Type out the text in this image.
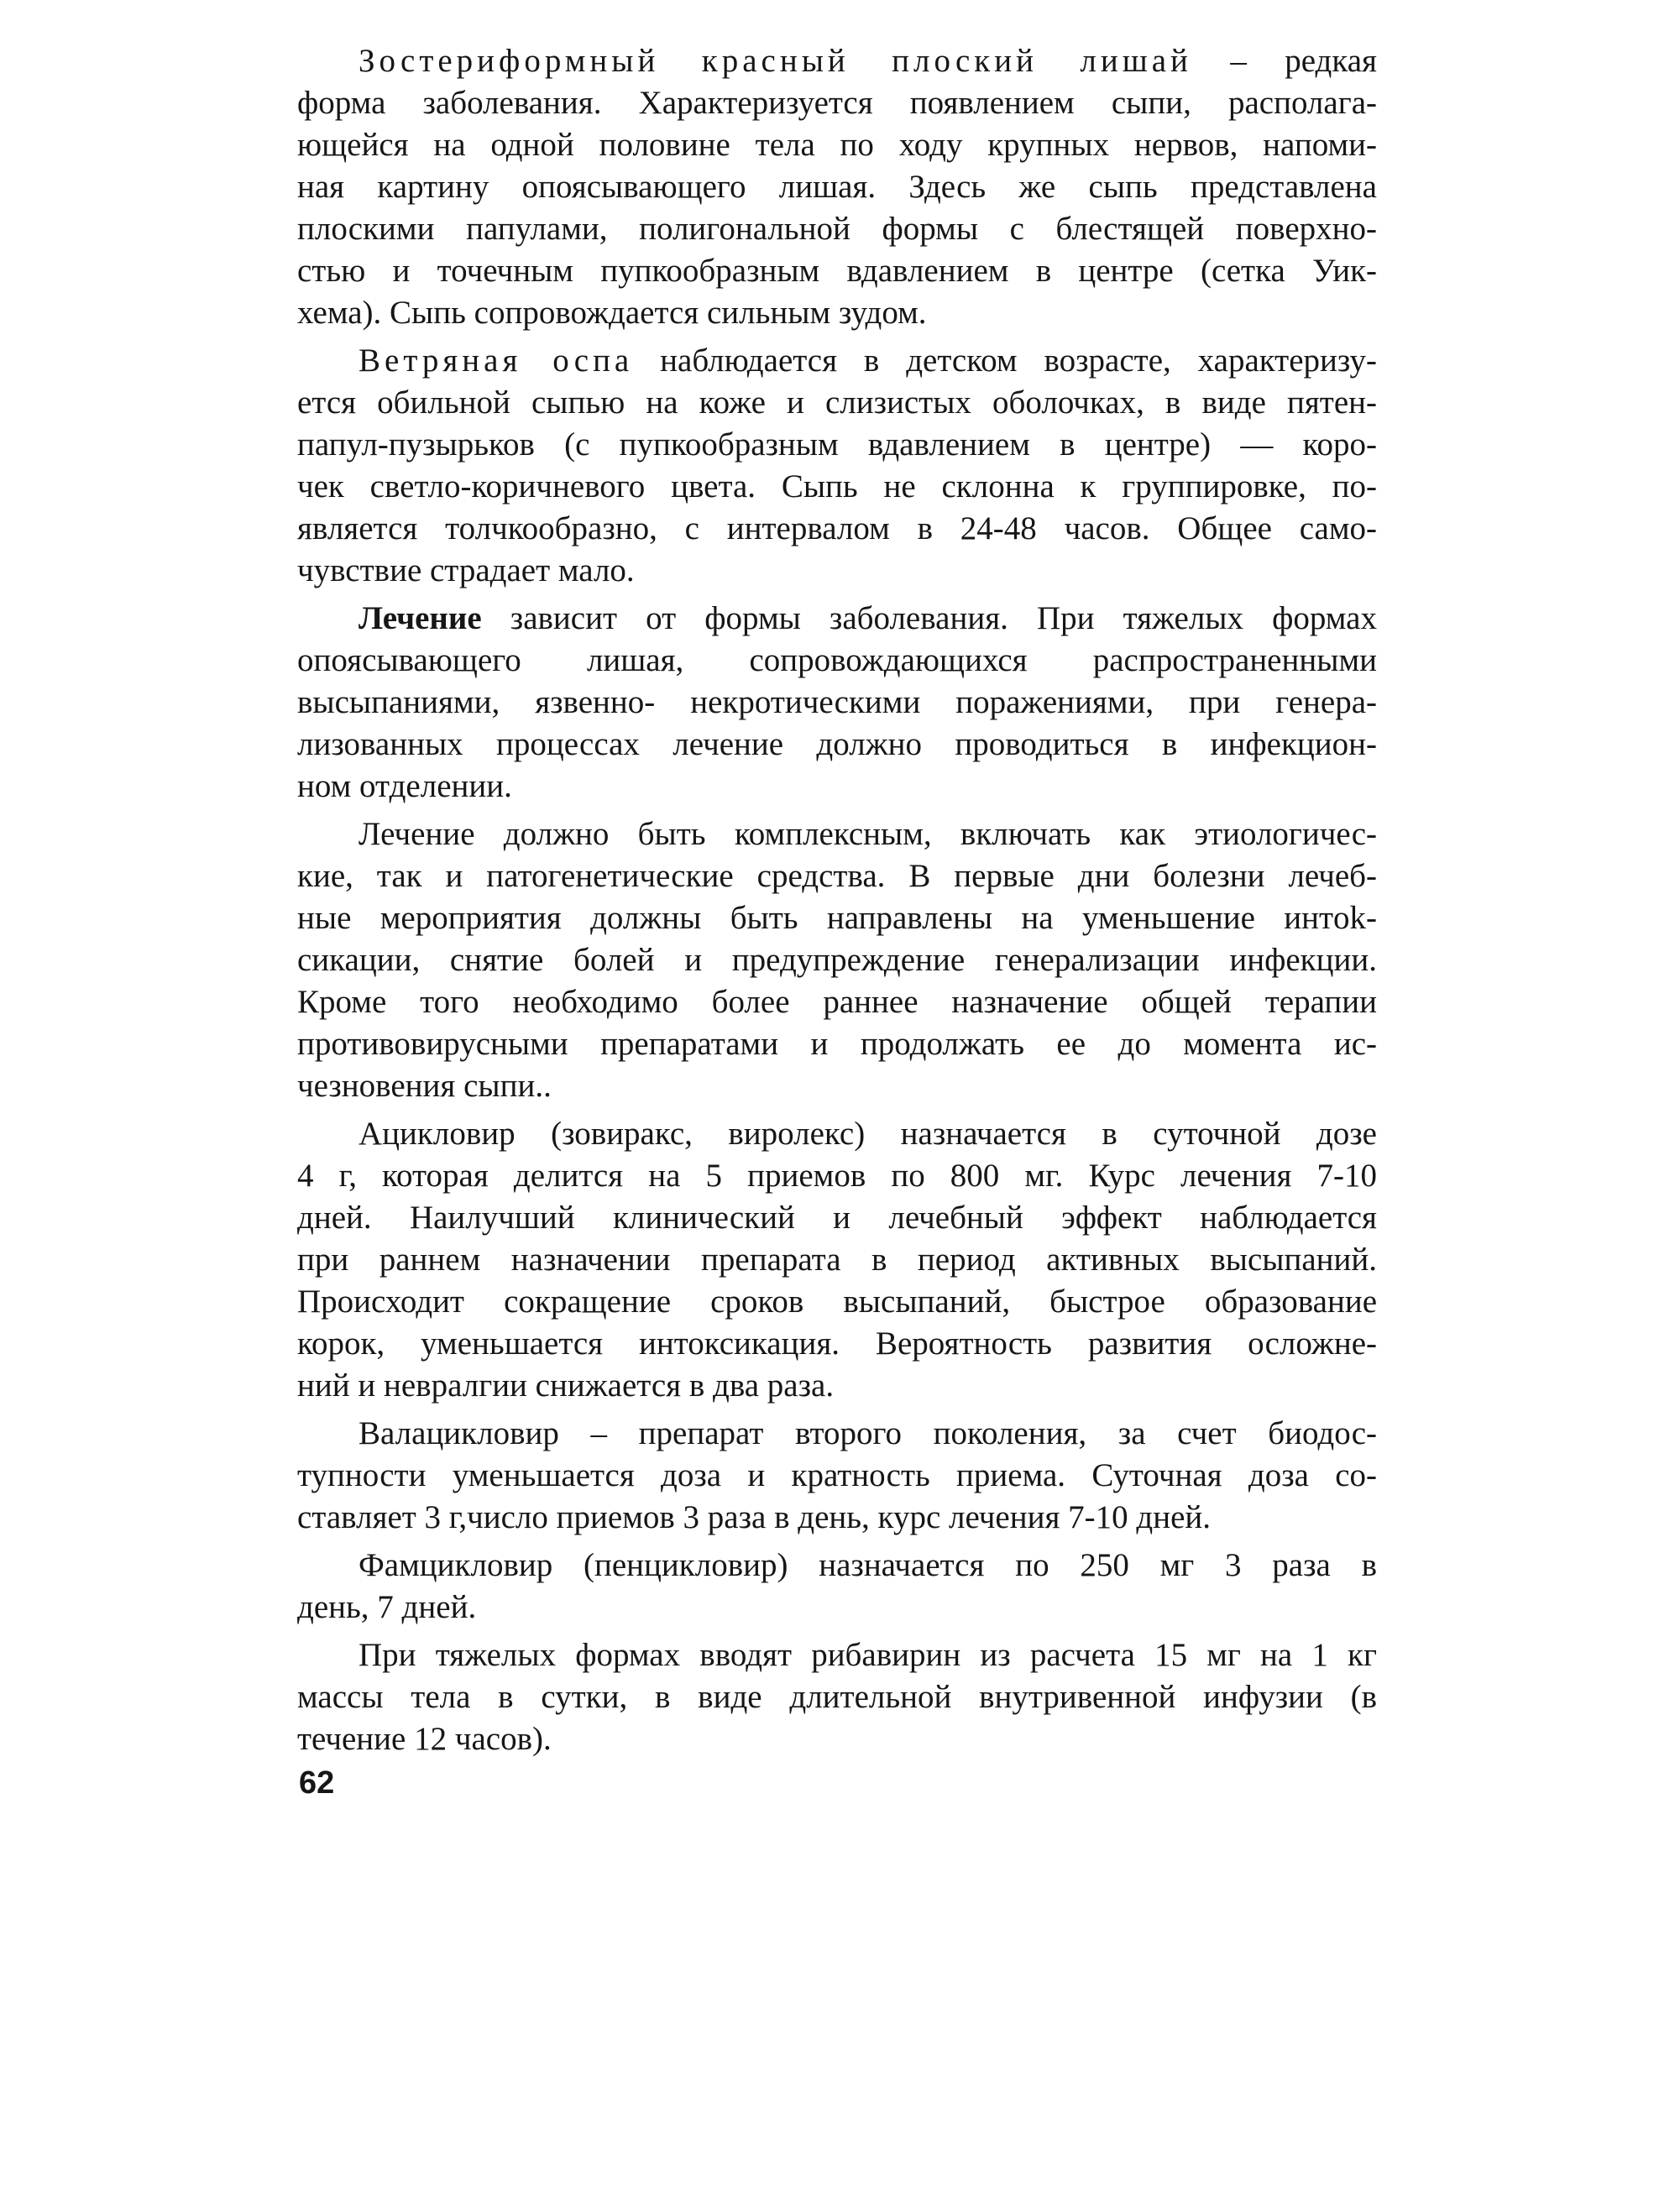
Зостериформный красный плоский лишай – редкая
форма заболевания. Характеризуется появлением сыпи, располага-
ющейся на одной половине тела по ходу крупных нервов, напоми-
ная картину опоясывающего лишая. Здесь же сыпь представлена
плоскими папулами, полигональной формы с блестящей поверхно-
стью и точечным пупкообразным вдавлением в центре (сетка Уик-
хема). Сыпь сопровождается сильным зудом.
Ветряная оспа наблюдается в детском возрасте, характеризу-
ется обильной сыпью на коже и слизистых оболочках, в виде пятен-
папул-пузырьков (с пупкообразным вдавлением в центре) — коро-
чек светло-коричневого цвета. Сыпь не склонна к группировке, по-
является толчкообразно, с интервалом в 24-48 часов. Общее само-
чувствие страдает мало.
Лечение зависит от формы заболевания. При тяжелых формах
опоясывающего лишая, сопровождающихся распространенными
высыпаниями, язвенно- некротическими поражениями, при генера-
лизованных процессах лечение должно проводиться в инфекцион-
ном отделении.
Лечение должно быть комплексным, включать как этиологичес-
кие, так и патогенетические средства. В первые дни болезни лечеб-
ные мероприятия должны быть направлены на уменьшение интok-
сикации, снятие болей и предупреждение генерализации инфекции.
Кроме того необходимо более раннее назначение общей терапии
противовирусными препаратами и продолжать ее до момента ис-
чезновения сыпи..
Ацикловир (зовиракс, виролекс) назначается в суточной дозе
4 г, которая делится на 5 приемов по 800 мг. Курс лечения 7-10
дней. Наилучший клинический и лечебный эффект наблюдается
при раннем назначении препарата в период активных высыпаний.
Происходит сокращение сроков высыпаний, быстрое образование
корок, уменьшается интоксикация. Вероятность развития осложне-
ний и невралгии снижается в два раза.
Валацикловир – препарат второго поколения, за счет биодос-
тупности уменьшается доза и кратность приема. Суточная доза со-
ставляет 3 г,число приемов 3 раза в день, курс лечения 7-10 дней.
Фамцикловир (пенцикловир) назначается по 250 мг 3 раза в
день, 7 дней.
При тяжелых формах вводят рибавирин из расчета 15 мг на 1 кг
массы тела в сутки, в виде длительной внутривенной инфузии (в
течение 12 часов).
62
